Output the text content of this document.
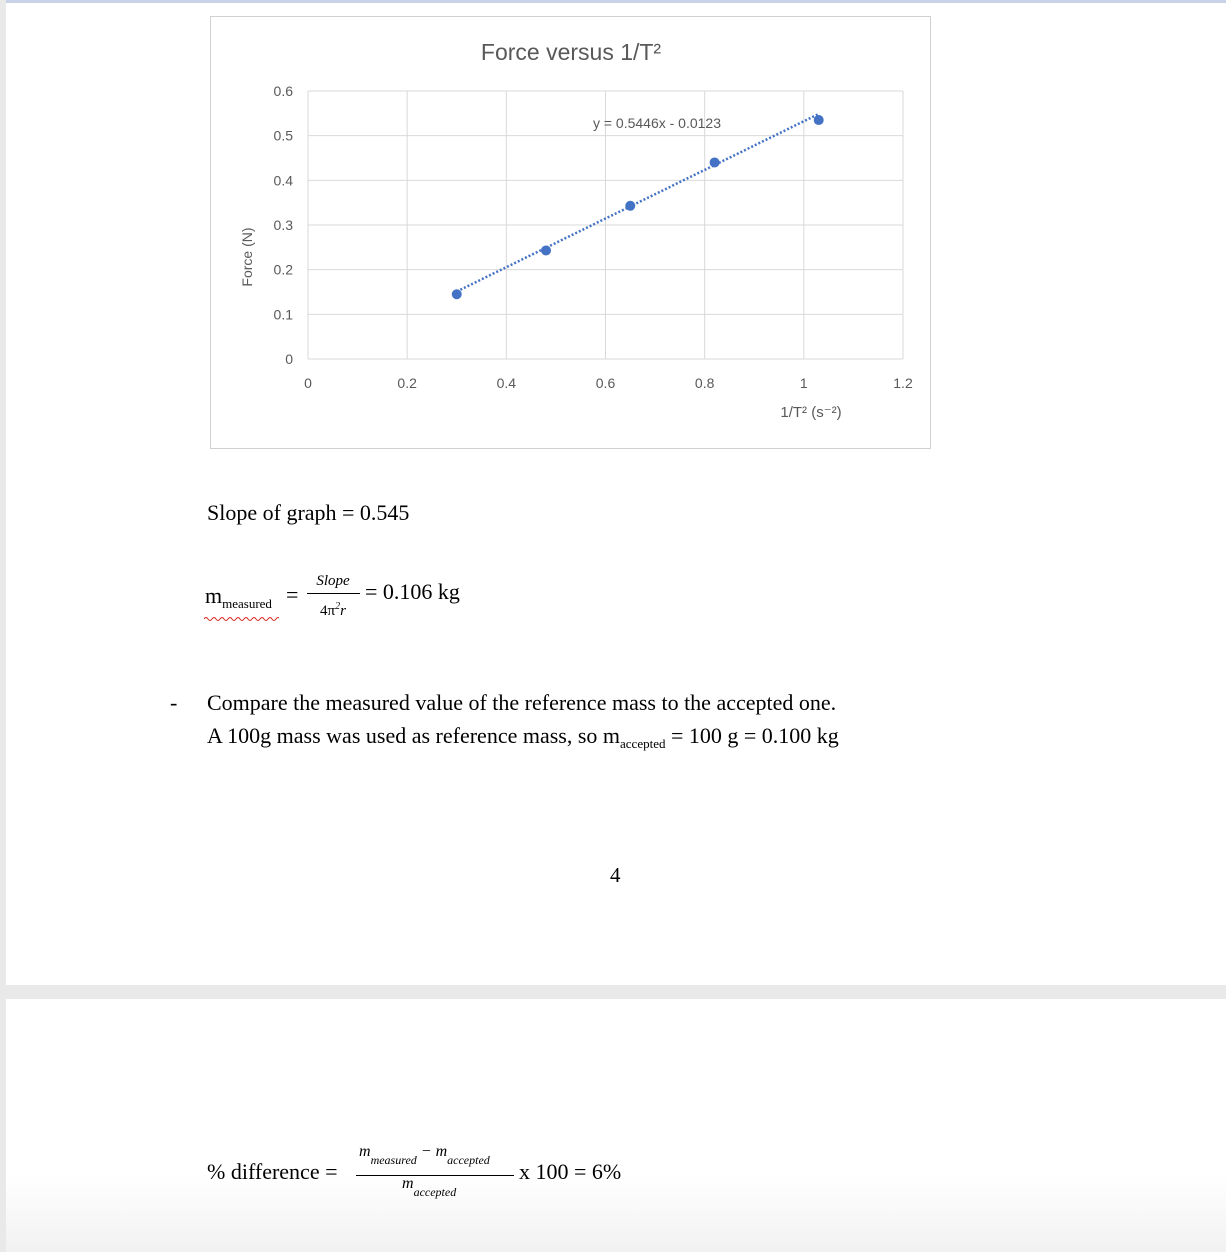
Force versus 1/T²
0
0.1
0.2
0.3
0.4
0.5
0.6
0	0.2	0.4	0.6	0.8	1	1.2
1/T² (s⁻²)
Force (N)
y = 0.5446x - 0.0123
Slope of graph = 0.545
$m_{measured}$ =
Slope
$4\pi^2r$
= 0.106 kg
- Compare the measured value of the reference mass to the accepted one.
A 100g mass was used as reference mass, so $m_{accepted} = 100$ g = 0.100 kg
4
% difference =
$m_{measured} - m_{accepted}$
$m_{accepted}$
x 100 = 6%
